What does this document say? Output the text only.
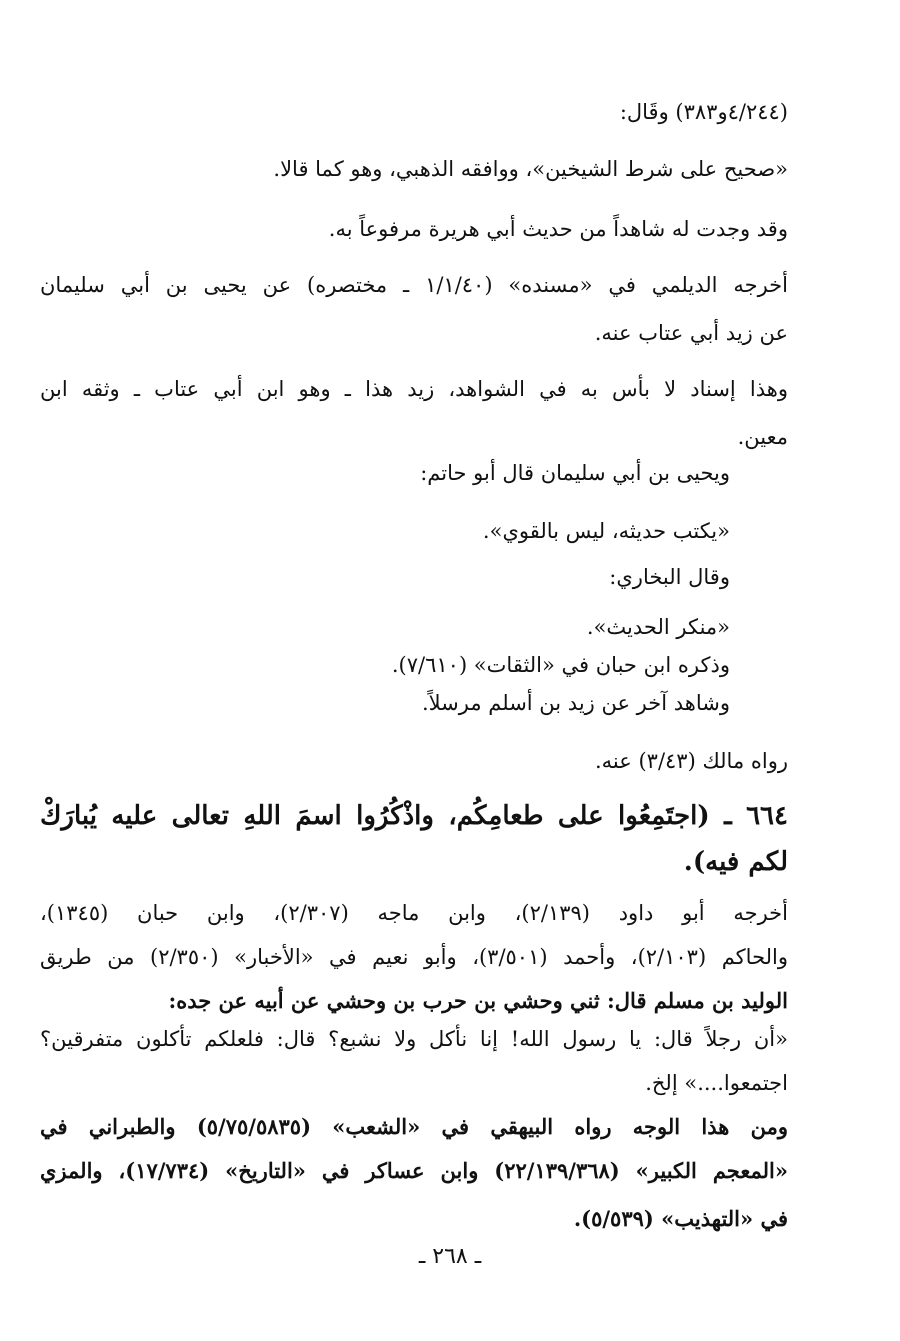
(٤/٢٤٤و٣٨٣) وقَال:
«صحيح على شرط الشيخين»، ووافقه الذهبي، وهو كما قالا.
وقد وجدت له شاهداً من حديث أبي هريرة مرفوعاً به.
أخرجه الديلمي في «مسنده» (١/١/٤٠ ـ مختصره) عن يحيى بن أبي سليمان
عن زيد أبي عتاب عنه.
وهذا إسناد لا بأس به في الشواهد، زيد هذا ـ وهو ابن أبي عتاب ـ وثقه ابن
معين.
ويحيى بن أبي سليمان قال أبو حاتم:
«يكتب حديثه، ليس بالقوي».
وقال البخاري:
«منكر الحديث».
وذكره ابن حبان في «الثقات» (٧/٦١٠).
وشاهد آخر عن زيد بن أسلم مرسلاً.
رواه مالك (٣/٤٣) عنه.
٦٦٤ ـ (اجتَمِعُوا على طعامِكُم، واذْكُرُوا اسمَ اللهِ تعالى عليه يُبارَكْ
لكم فيه).
أخرجه أبو داود (٢/١٣٩)، وابن ماجه (٢/٣٠٧)، وابن حبان (١٣٤٥)،
والحاكم (٢/١٠٣)، وأحمد (٣/٥٠١)، وأبو نعيم في «الأخبار» (٢/٣٥٠) من طريق
الوليد بن مسلم قال: ثني وحشي بن حرب بن وحشي عن أبيه عن جده:
«أن رجلاً قال: يا رسول الله! إنا نأكل ولا نشبع؟ قال: فلعلكم تأكلون متفرقين؟
اجتمعوا....» إلخ.
ومن هذا الوجه رواه البيهقي في «الشعب» (٥/٧٥/٥٨٣٥) والطبراني في
«المعجم الكبير» (٢٢/١٣٩/٣٦٨) وابن عساكر في «التاريخ» (١٧/٧٣٤)، والمزي
في «التهذيب» (٥/٥٣٩).
ـ ٢٦٨ ـ
